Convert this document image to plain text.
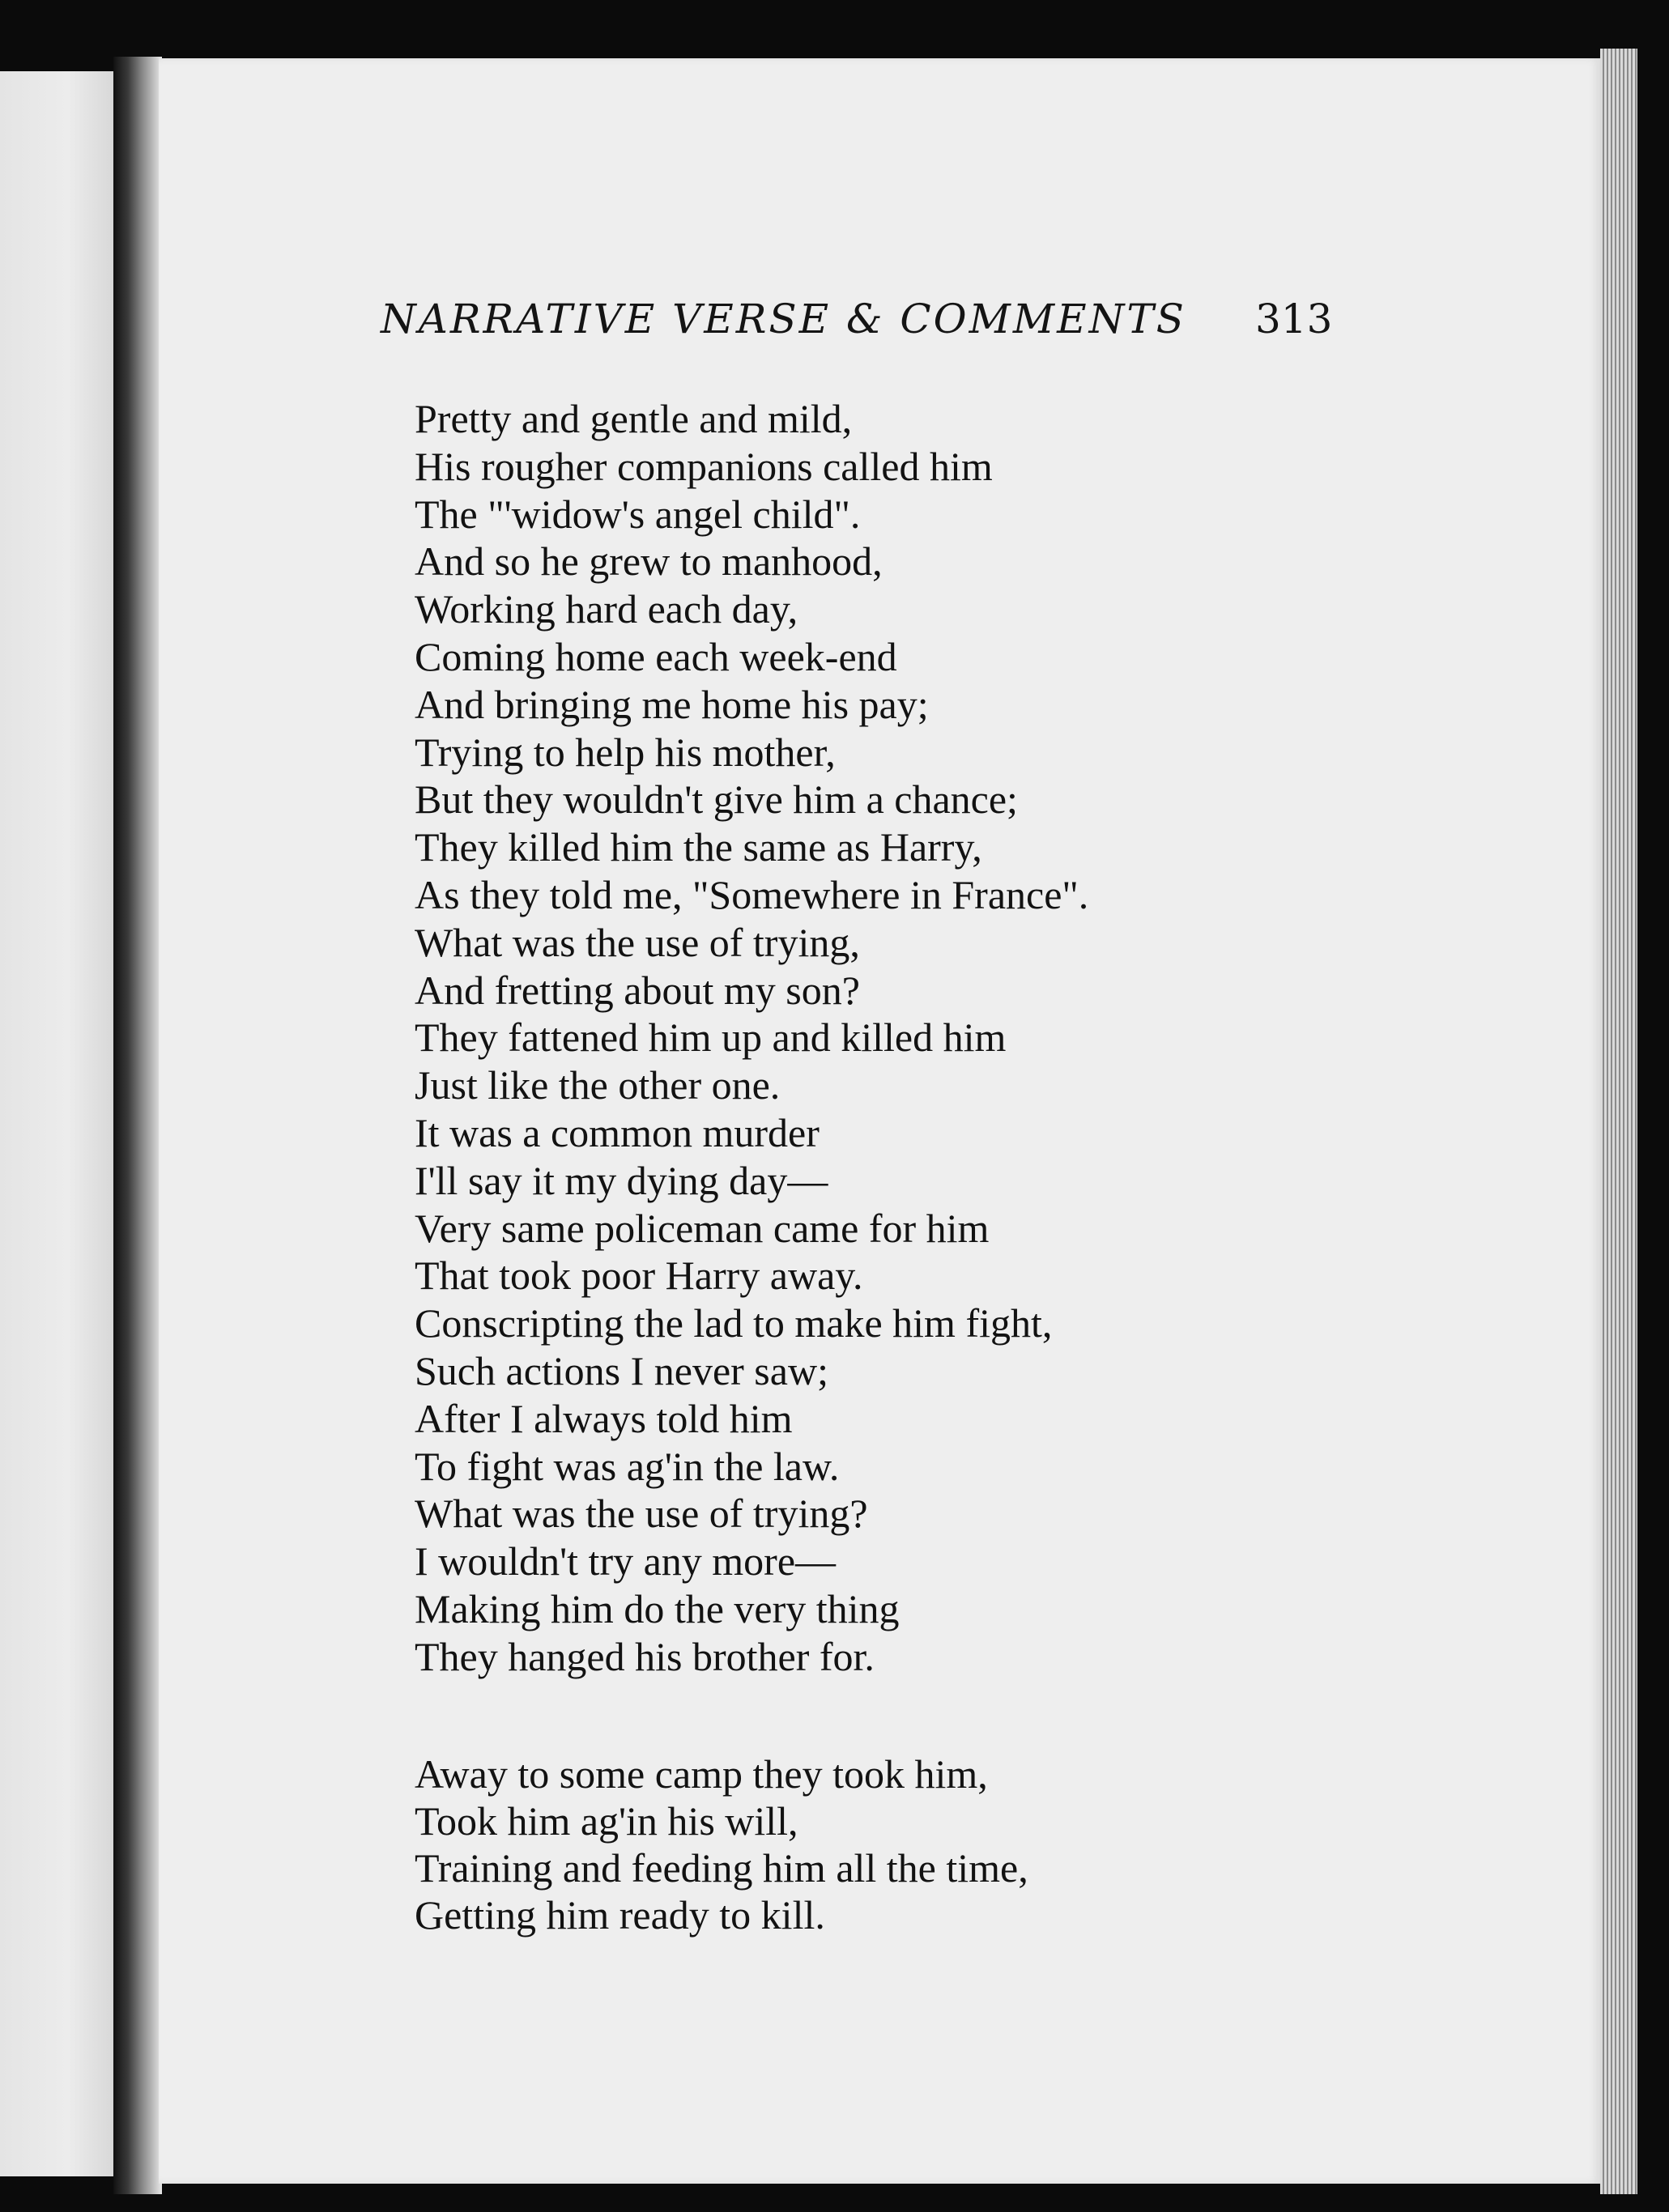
NARRATIVE VERSE & COMMENTS	313
Pretty and gentle and mild,
His rougher companions called him
The "'widow's angel child".
And so he grew to manhood,
Working hard each day,
Coming home each week-end
And bringing me home his pay;
Trying to help his mother,
But they wouldn't give him a chance;
They killed him the same as Harry,
As they told me, "Somewhere in France".
What was the use of trying,
And fretting about my son?
They fattened him up and killed him
Just like the other one.
It was a common murder
I'll say it my dying day—
Very same policeman came for him
That took poor Harry away.
Conscripting the lad to make him fight,
Such actions I never saw;
After I always told him
To fight was ag'in the law.
What was the use of trying?
I wouldn't try any more—
Making him do the very thing
They hanged his brother for.
Away to some camp they took him,
Took him ag'in his will,
Training and feeding him all the time,
Getting him ready to kill.
